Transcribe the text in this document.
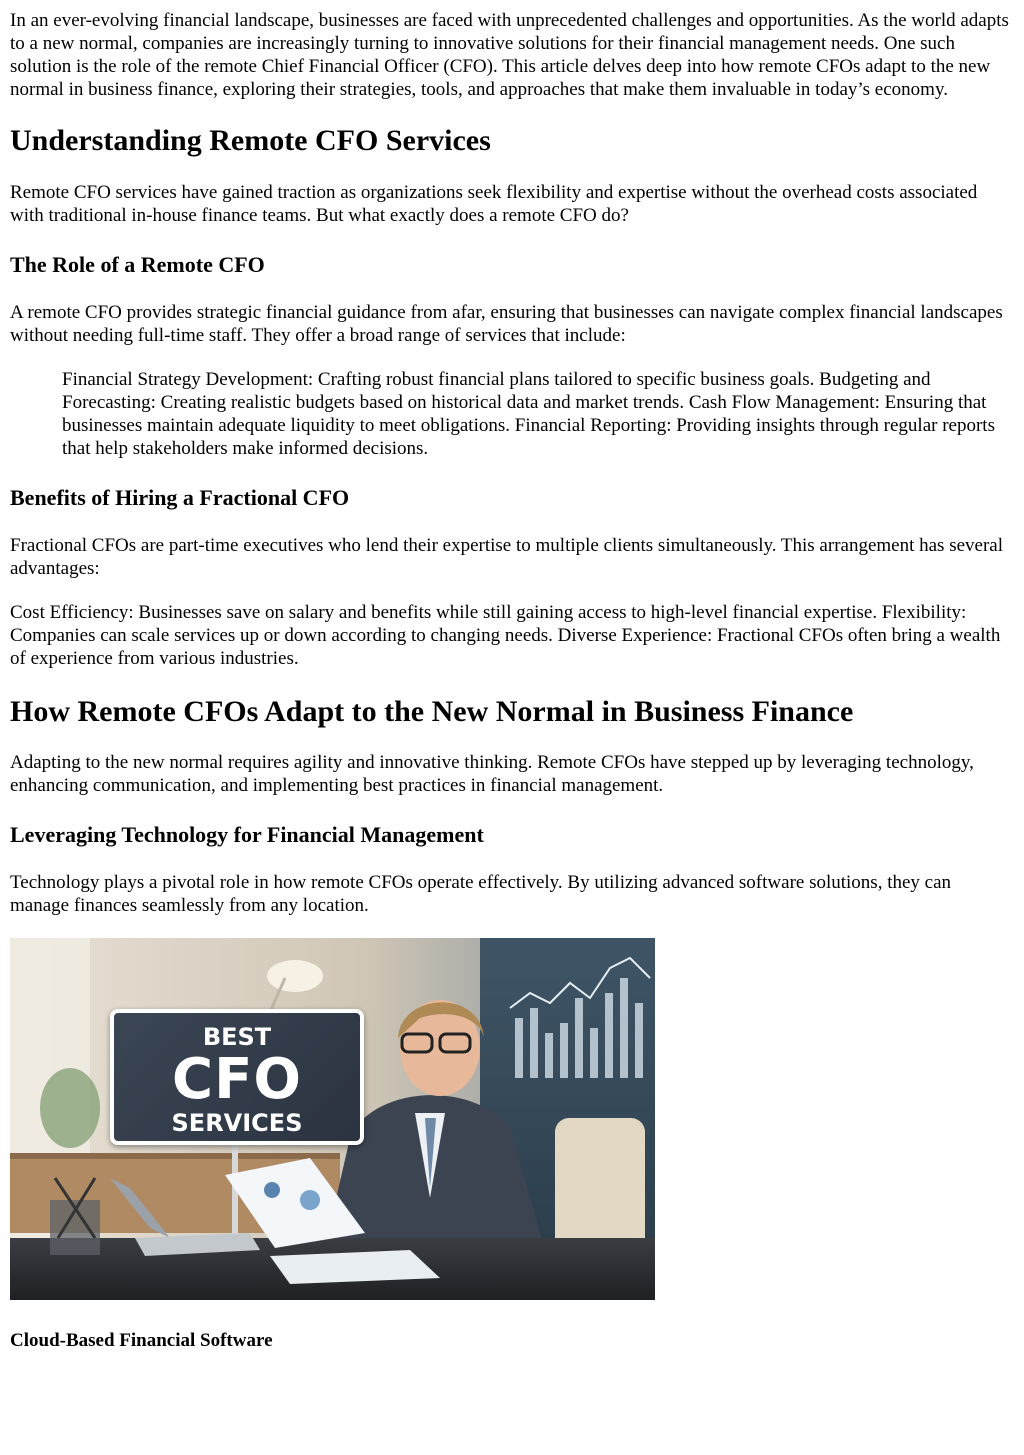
In an ever-evolving financial landscape, businesses are faced with unprecedented challenges and opportunities. As the world adapts to a new normal, companies are increasingly turning to innovative solutions for their financial management needs. One such solution is the role of the remote Chief Financial Officer (CFO). This article delves deep into how remote CFOs adapt to the new normal in business finance, exploring their strategies, tools, and approaches that make them invaluable in today’s economy.

Understanding Remote CFO Services

Remote CFO services have gained traction as organizations seek flexibility and expertise without the overhead costs associated with traditional in-house finance teams. But what exactly does a remote CFO do?

The Role of a Remote CFO

A remote CFO provides strategic financial guidance from afar, ensuring that businesses can navigate complex financial landscapes without needing full-time staff. They offer a broad range of services that include:

Financial Strategy Development: Crafting robust financial plans tailored to specific business goals. Budgeting and Forecasting: Creating realistic budgets based on historical data and market trends. Cash Flow Management: Ensuring that businesses maintain adequate liquidity to meet obligations. Financial Reporting: Providing insights through regular reports that help stakeholders make informed decisions.

Benefits of Hiring a Fractional CFO

Fractional CFOs are part-time executives who lend their expertise to multiple clients simultaneously. This arrangement has several advantages:

Cost Efficiency: Businesses save on salary and benefits while still gaining access to high-level financial expertise. Flexibility: Companies can scale services up or down according to changing needs. Diverse Experience: Fractional CFOs often bring a wealth of experience from various industries.

How Remote CFOs Adapt to the New Normal in Business Finance

Adapting to the new normal requires agility and innovative thinking. Remote CFOs have stepped up by leveraging technology, enhancing communication, and implementing best practices in financial management.

Leveraging Technology for Financial Management

Technology plays a pivotal role in how remote CFOs operate effectively. By utilizing advanced software solutions, they can manage finances seamlessly from any location.

BEST
CFO
SERVICES
Cloud-Based Financial Software
